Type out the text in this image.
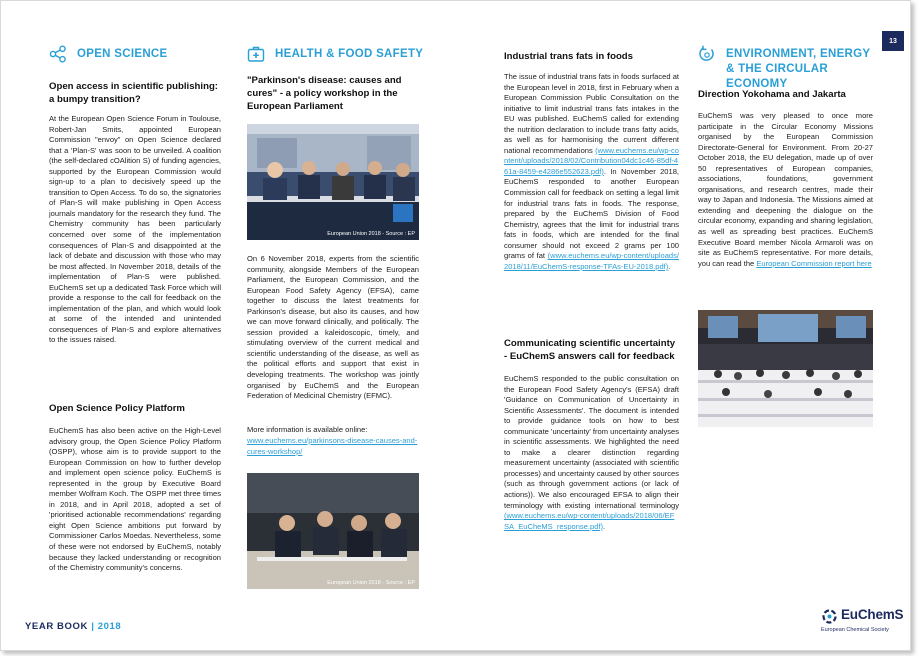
OPEN SCIENCE
Open access in scientific publishing: a bumpy transition?
At the European Open Science Forum in Toulouse, Robert-Jan Smits, appointed European Commission "envoy" on Open Science declared that a 'Plan-S' was soon to be unveiled. A coalition (the self-declared cOAlition S) of funding agencies, supported by the European Commission would sign-up to a plan to decisively speed up the transition to Open Access. To do so, the signatories of Plan-S will make publishing in Open Access journals mandatory for the research they fund. The Chemistry community has been particularly concerned over some of the implementation consequences of Plan-S and disappointed at the lack of debate and discussion with those who may be most affected. In November 2018, details of the implementation of Plan-S were published. EuChemS set up a dedicated Task Force which will provide a response to the call for feedback on the implementation of the plan, and which would look at some of the intended and unintended consequences of Plan-S and explore alternatives to the issues raised.
Open Science Policy Platform
EuChemS has also been active on the High-Level advisory group, the Open Science Policy Platform (OSPP), whose aim is to provide support to the European Commission on how to further develop and implement open science policy. EuChemS is represented in the group by Executive Board member Wolfram Koch. The OSPP met three times in 2018, and in April 2018, adopted a set of 'prioritised actionable recommendations' regarding eight Open Science ambitions put forward by Commissioner Carlos Moedas. Nevertheless, some of these were not endorsed by EuChemS, notably because they lacked understanding or recognition of the Chemistry community's concerns.
HEALTH & FOOD SAFETY
"Parkinson's disease: causes and cures" - a policy workshop in the European Parliament
European Union 2018 - Source : EP
On 6 November 2018, experts from the scientific community, alongside Members of the European Parliament, the European Commission, and the European Food Safety Agency (EFSA), came together to discuss the latest treatments for Parkinson's disease, but also its causes, and how we can move forward clinically, and politically. The session provided a kaleidoscopic, timely, and stimulating overview of the current medical and scientific understanding of the disease, as well as the political efforts and support that exist in developing treatments. The workshop was jointly organised by EuChemS and the European Federation of Medicinal Chemistry (EFMC).
More information is available online:
www.euchems.eu/parkinsons-disease-causes-and-cures-workshop/
European Union 2018 - Source : EP
Industrial trans fats in foods
The issue of industrial trans fats in foods surfaced at the European level in 2018, first in February when a European Commission Public Consultation on the initiative to limit industrial trans fats intakes in the EU was published. EuChemS called for extending the nutrition declaration to include trans fatty acids, as well as for harmonising the current different national recommendations (www.euchems.eu/wp-content/uploads/2018/02/Contribution04dc1c46-85df-461a-8459-e4286e552623.pdf). In November 2018, EuChemS responded to another European Commission call for feedback on setting a legal limit for industrial trans fats in foods. The response, prepared by the EuChemS Division of Food Chemistry, agrees that the limit for industrial trans fats in foods, which are intended for the final consumer should not exceed 2 grams per 100 grams of fat (www.euchems.eu/wp-content/uploads/2018/11/EuChemS-response-TFAs-EU-2018.pdf).
Communicating scientific uncertainty - EuChemS answers call for feedback
EuChemS responded to the public consultation on the European Food Safety Agency's (EFSA) draft 'Guidance on Communication of Uncertainty in Scientific Assessments'. The document is intended to provide guidance tools on how to best communicate 'uncertainty' from uncertainty analyses in scientific assessments. We highlighted the need to make a clearer distinction regarding measurement uncertainty (associated with scientific processes) and uncertainty caused by other sources (such as through government actions (or lack of actions)). We also encouraged EFSA to align their terminology with existing international terminology (www.euchems.eu/wp-content/uploads/2018/06/EFSA_EuCheMS_response.pdf).
ENVIRONMENT, ENERGY & THE CIRCULAR ECONOMY
Direction Yokohama and Jakarta
EuChemS was very pleased to once more participate in the Circular Economy Missions organised by the European Commission Directorate-General for Environment. From 20-27 October 2018, the EU delegation, made up of over 50 representatives of European companies, associations, foundations, government organisations, and research centres, made their way to Japan and Indonesia. The Missions aimed at extending and deepening the dialogue on the circular economy, expanding and sharing legislation, as well as spreading best practices. EuChemS Executive Board member Nicola Armaroli was on site as EuChemS representative. For more details, you can read the European Commission report here
13
YEAR BOOK | 2018
EuChemS
European Chemical Society
